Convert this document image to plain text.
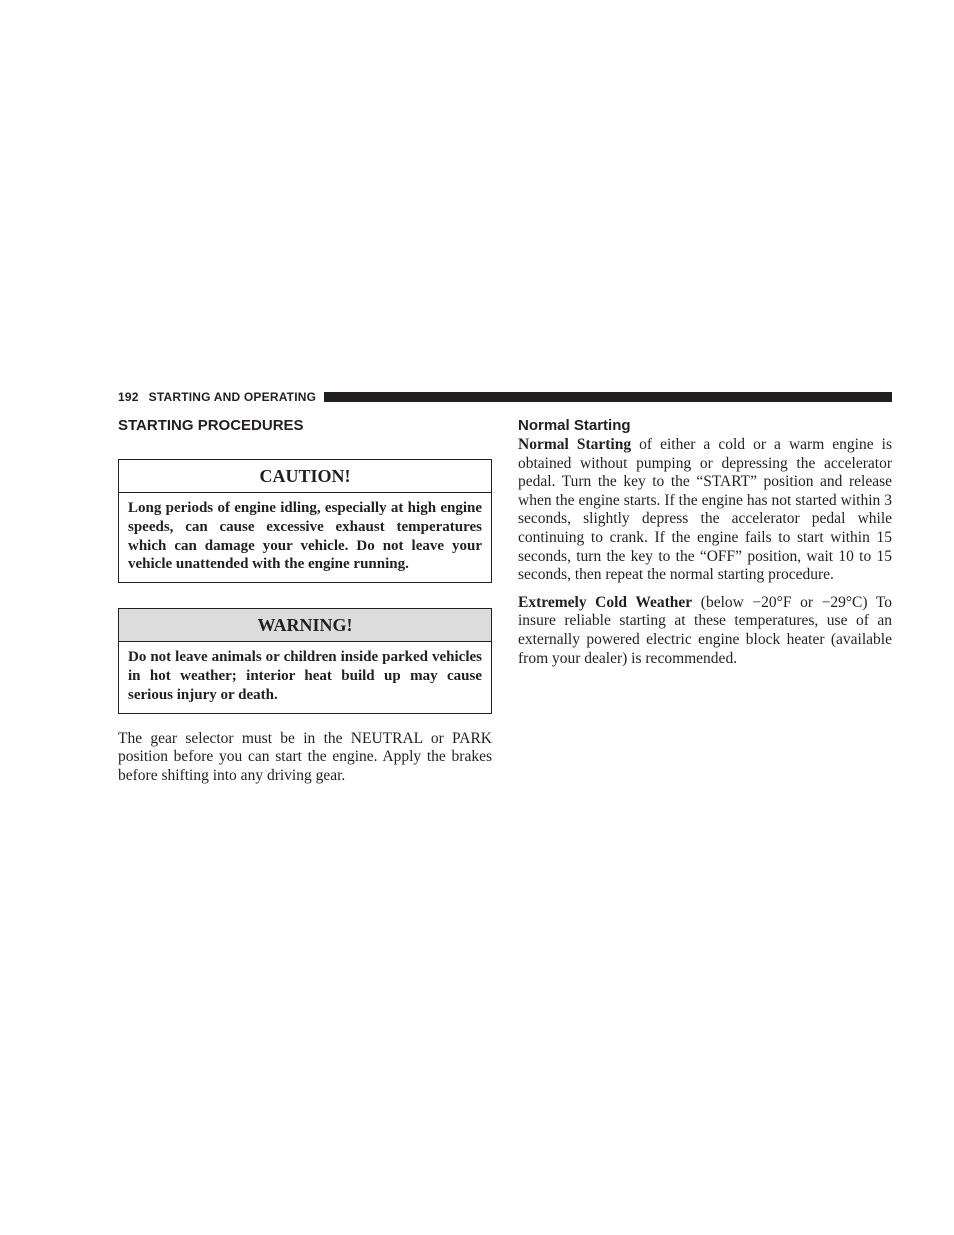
192 STARTING AND OPERATING
STARTING PROCEDURES
CAUTION!
Long periods of engine idling, especially at high engine speeds, can cause excessive exhaust temperatures which can damage your vehicle. Do not leave your vehicle unattended with the engine running.
WARNING!
Do not leave animals or children inside parked vehicles in hot weather; interior heat build up may cause serious injury or death.

The gear selector must be in the NEUTRAL or PARK position before you can start the engine. Apply the brakes before shifting into any driving gear.

Normal Starting

Normal Starting of either a cold or a warm engine is obtained without pumping or depressing the accelerator pedal. Turn the key to the “START” position and release when the engine starts. If the engine has not started within 3 seconds, slightly depress the accelerator pedal while continuing to crank. If the engine fails to start within 15 seconds, turn the key to the “OFF” position, wait 10 to 15 seconds, then repeat the normal starting procedure.

Extremely Cold Weather (below −20°F or −29°C) To insure reliable starting at these temperatures, use of an externally powered electric engine block heater (available from your dealer) is recommended.
